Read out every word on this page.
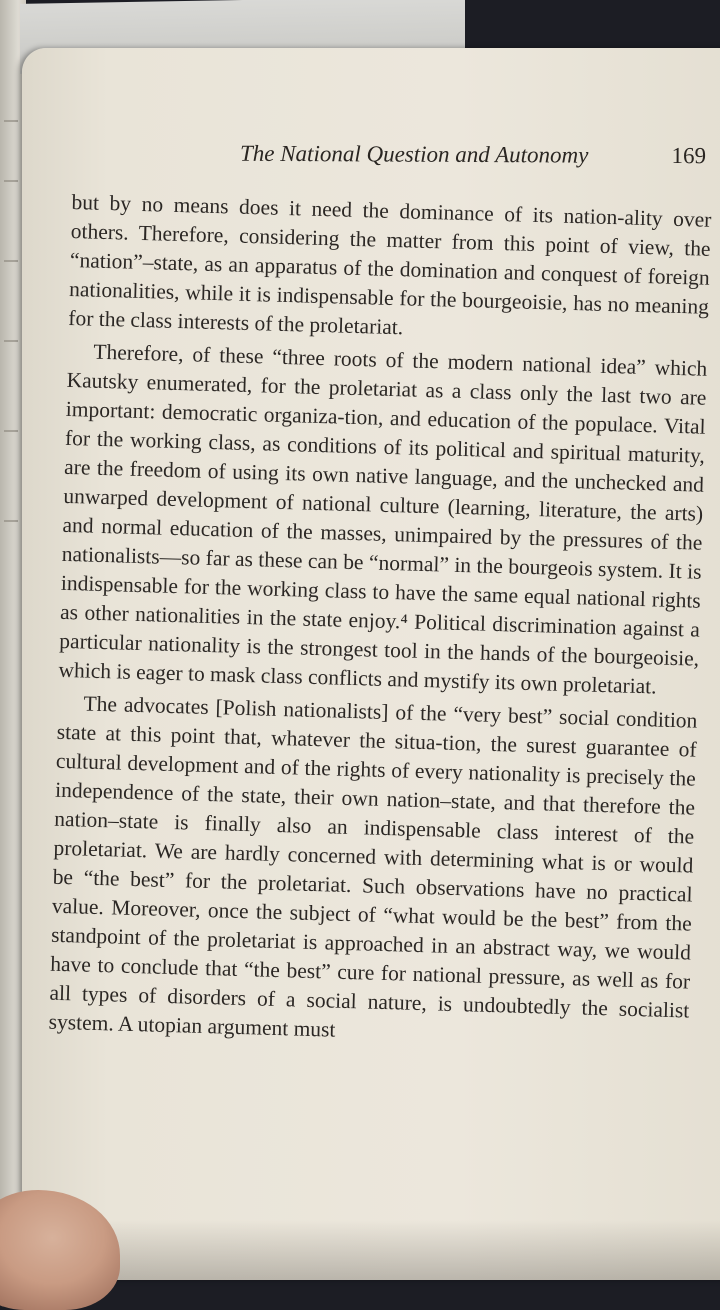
The National Question and Autonomy	169

but by no means does it need the dominance of its nation-ality over others. Therefore, considering the matter from this point of view, the “nation”–state, as an apparatus of the domination and conquest of foreign nationalities, while it is indispensable for the bourgeoisie, has no meaning for the class interests of the proletariat.

Therefore, of these “three roots of the modern national idea” which Kautsky enumerated, for the proletariat as a class only the last two are important: democratic organiza-tion, and education of the populace. Vital for the working class, as conditions of its political and spiritual maturity, are the freedom of using its own native language, and the unchecked and unwarped development of national culture (learning, literature, the arts) and normal education of the masses, unimpaired by the pressures of the nationalists—so far as these can be “normal” in the bourgeois system. It is indispensable for the working class to have the same equal national rights as other nationalities in the state enjoy.⁴ Political discrimination against a particular nationality is the strongest tool in the hands of the bourgeoisie, which is eager to mask class conflicts and mystify its own proletariat.

The advocates [Polish nationalists] of the “very best” social condition state at this point that, whatever the situa-tion, the surest guarantee of cultural development and of the rights of every nationality is precisely the independence of the state, their own nation–state, and that therefore the nation–state is finally also an indispensable class interest of the proletariat. We are hardly concerned with determining what is or would be “the best” for the proletariat. Such observations have no practical value. Moreover, once the subject of “what would be the best” from the standpoint of the proletariat is approached in an abstract way, we would have to conclude that “the best” cure for national pressure, as well as for all types of disorders of a social nature, is undoubtedly the socialist system. A utopian argument must
